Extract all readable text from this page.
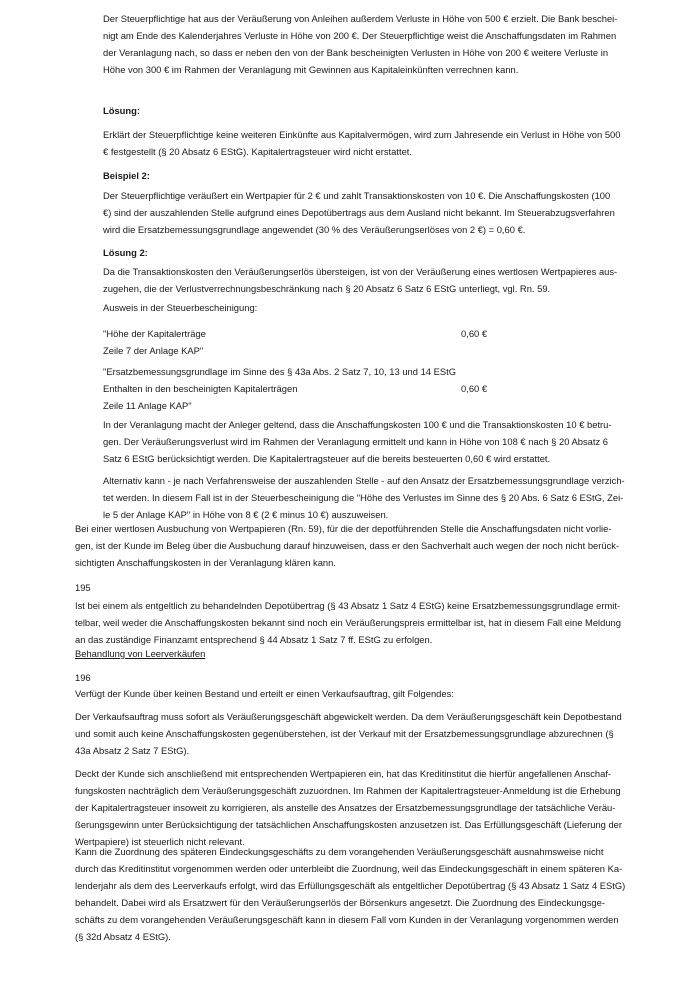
Der Steuerpflichtige hat aus der Veräußerung von Anleihen außerdem Verluste in Höhe von 500 € erzielt. Die Bank beschei-
nigt am Ende des Kalenderjahres Verluste in Höhe von 200 €. Der Steuerpflichtige weist die Anschaffungsdaten im Rahmen
der Veranlagung nach, so dass er neben den von der Bank bescheinigten Verlusten in Höhe von 200 € weitere Verluste in
Höhe von 300 € im Rahmen der Veranlagung mit Gewinnen aus Kapitaleinkünften verrechnen kann.
Lösung:
Erklärt der Steuerpflichtige keine weiteren Einkünfte aus Kapitalvermögen, wird zum Jahresende ein Verlust in Höhe von 500
€ festgestellt (§ 20 Absatz 6 EStG). Kapitalertragsteuer wird nicht erstattet.
Beispiel 2:
Der Steuerpflichtige veräußert ein Wertpapier für 2 € und zahlt Transaktionskosten von 10 €. Die Anschaffungskosten (100
€) sind der auszahlenden Stelle aufgrund eines Depotübertrags aus dem Ausland nicht bekannt. Im Steuerabzugsverfahren
wird die Ersatzbemessungsgrundlage angewendet (30 % des Veräußerungserlöses von 2 €) = 0,60 €.
Lösung 2:
Da die Transaktionskosten den Veräußerungserlös übersteigen, ist von der Veräußerung eines wertlosen Wertpapieres aus-
zugehen, die der Verlustverrechnungsbeschränkung nach § 20 Absatz 6 Satz 6 EStG unterliegt, vgl. Rn. 59.
Ausweis in der Steuerbescheinigung:
"Höhe der Kapitalerträge	0,60 €
Zeile 7 der Anlage KAP"
"Ersatzbemessungsgrundlage im Sinne des § 43a Abs. 2 Satz 7, 10, 13 und 14 EStG
Enthalten in den bescheinigten Kapitalerträgen	0,60 €
Zeile 11 Anlage KAP"
In der Veranlagung macht der Anleger geltend, dass die Anschaffungskosten 100 € und die Transaktionskosten 10 € betru-
gen. Der Veräußerungsverlust wird im Rahmen der Veranlagung ermittelt und kann in Höhe von 108 € nach § 20 Absatz 6
Satz 6 EStG berücksichtigt werden. Die Kapitalertragsteuer auf die bereits besteuerten 0,60 € wird erstattet.
Alternativ kann - je nach Verfahrensweise der auszahlenden Stelle - auf den Ansatz der Ersatzbemessungsgrundlage verzich-
tet werden. In diesem Fall ist in der Steuerbescheinigung die "Höhe des Verlustes im Sinne des § 20 Abs. 6 Satz 6 EStG, Zei-
le 5 der Anlage KAP" in Höhe von 8 € (2 € minus 10 €) auszuweisen.
Bei einer wertlosen Ausbuchung von Wertpapieren (Rn. 59), für die der depotführenden Stelle die Anschaffungsdaten nicht vorlie-
gen, ist der Kunde im Beleg über die Ausbuchung darauf hinzuweisen, dass er den Sachverhalt auch wegen der noch nicht berück-
sichtigten Anschaffungskosten in der Veranlagung klären kann.
195
Ist bei einem als entgeltlich zu behandelnden Depotübertrag (§ 43 Absatz 1 Satz 4 EStG) keine Ersatzbemessungsgrundlage ermit-
telbar, weil weder die Anschaffungskosten bekannt sind noch ein Veräußerungspreis ermittelbar ist, hat in diesem Fall eine Meldung
an das zuständige Finanzamt entsprechend § 44 Absatz 1 Satz 7 ff. EStG zu erfolgen.
Behandlung von Leerverkäufen
196
Verfügt der Kunde über keinen Bestand und erteilt er einen Verkaufsauftrag, gilt Folgendes:
Der Verkaufsauftrag muss sofort als Veräußerungsgeschäft abgewickelt werden. Da dem Veräußerungsgeschäft kein Depotbestand
und somit auch keine Anschaffungskosten gegenüberstehen, ist der Verkauf mit der Ersatzbemessungsgrundlage abzurechnen (§
43a Absatz 2 Satz 7 EStG).
Deckt der Kunde sich anschließend mit entsprechenden Wertpapieren ein, hat das Kreditinstitut die hierfür angefallenen Anschaf-
fungskosten nachträglich dem Veräußerungsgeschäft zuzuordnen. Im Rahmen der Kapitalertragsteuer-Anmeldung ist die Erhebung
der Kapitalertragsteuer insoweit zu korrigieren, als anstelle des Ansatzes der Ersatzbemessungsgrundlage der tatsächliche Veräu-
ßerungsgewinn unter Berücksichtigung der tatsächlichen Anschaffungskosten anzusetzen ist. Das Erfüllungsgeschäft (Lieferung der
Wertpapiere) ist steuerlich nicht relevant.
Kann die Zuordnung des späteren Eindeckungsgeschäfts zu dem vorangehenden Veräußerungsgeschäft ausnahmsweise nicht
durch das Kreditinstitut vorgenommen werden oder unterbleibt die Zuordnung, weil das Eindeckungsgeschäft in einem späteren Ka-
lenderjahr als dem des Leerverkaufs erfolgt, wird das Erfüllungsgeschäft als entgeltlicher Depotübertrag (§ 43 Absatz 1 Satz 4 EStG)
behandelt. Dabei wird als Ersatzwert für den Veräußerungserlös der Börsenkurs angesetzt. Die Zuordnung des Eindeckungsge-
schäfts zu dem vorangehenden Veräußerungsgeschäft kann in diesem Fall vom Kunden in der Veranlagung vorgenommen werden
(§ 32d Absatz 4 EStG).
